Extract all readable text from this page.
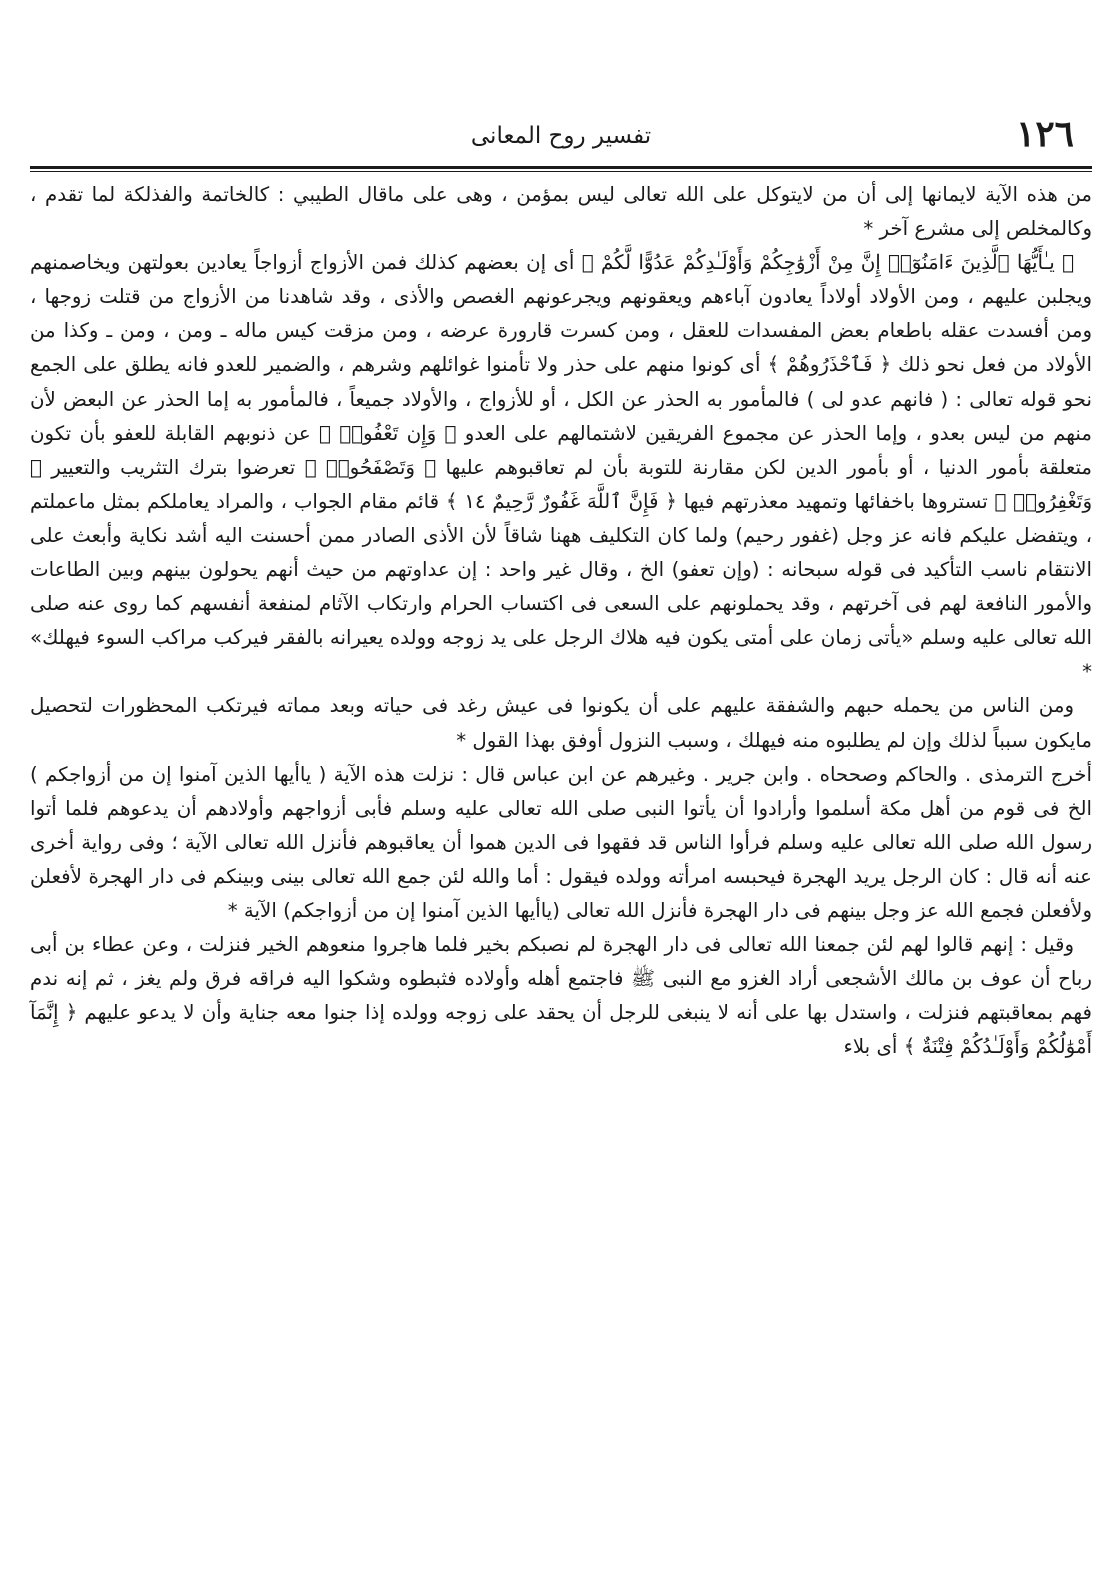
١٢٦
تفسير روح المعانى

من هذه الآية لايمانها إلى أن من لايتوكل على الله تعالى ليس بمؤمن ، وهى على ماقال الطيبي : كالخاتمة والفذلكة لما تقدم ، وكالمخلص إلى مشرع آخر *

﴿ يـٰأَيُّهَا ٱلَّذِينَ ءَامَنُوٓا۟ إِنَّ مِنْ أَزْوَٰجِكُمْ وَأَوْلَـٰدِكُمْ عَدُوًّا لَّكُمْ ﴾ أى إن بعضهم كذلك فمن الأزواج أزواجاً يعادين بعولتهن ويخاصمنهم ويجلبن عليهم ، ومن الأولاد أولاداً يعادون آباءهم ويعقونهم ويجرعونهم الغصص والأذى ، وقد شاهدنا من الأزواج من قتلت زوجها ، ومن أفسدت عقله باطعام بعض المفسدات للعقل ، ومن كسرت قارورة عرضه ، ومن مزقت كيس ماله ـ ومن ، ومن ـ وكذا من الأولاد من فعل نحو ذلك ﴿ فَٱحْذَرُوهُمْ ﴾ أى كونوا منهم على حذر ولا تأمنوا غوائلهم وشرهم ، والضمير للعدو فانه يطلق على الجمع نحو قوله تعالى : ( فانهم عدو لى ) فالمأمور به الحذر عن الكل ، أو للأزواج ، والأولاد جميعاً ، فالمأمور به إما الحذر عن البعض لأن منهم من ليس بعدو ، وإما الحذر عن مجموع الفريقين لاشتمالهم على العدو ﴿ وَإِن تَعْفُوا۟ ﴾ عن ذنوبهم القابلة للعفو بأن تكون متعلقة بأمور الدنيا ، أو بأمور الدين لكن مقارنة للتوبة بأن لم تعاقبوهم عليها ﴿ وَتَصْفَحُوا۟ ﴾ تعرضوا بترك التثريب والتعيير ﴿ وَتَغْفِرُوا۟ ﴾ تستروها باخفائها وتمهيد معذرتهم فيها ﴿ فَإِنَّ ٱللَّهَ غَفُورٌ رَّحِيمٌ ١٤ ﴾ قائم مقام الجواب ، والمراد يعاملكم بمثل ماعملتم ، ويتفضل عليكم فانه عز وجل (غفور رحيم) ولما كان التكليف ههنا شاقاً لأن الأذى الصادر ممن أحسنت اليه أشد نكاية وأبعث على الانتقام ناسب التأكيد فى قوله سبحانه : (وإن تعفو) الخ ، وقال غير واحد : إن عداوتهم من حيث أنهم يحولون بينهم وبين الطاعات والأمور النافعة لهم فى آخرتهم ، وقد يحملونهم على السعى فى اكتساب الحرام وارتكاب الآثام لمنفعة أنفسهم كما روى عنه صلى الله تعالى عليه وسلم «يأتى زمان على أمتى يكون فيه هلاك الرجل على يد زوجه وولده يعيرانه بالفقر فيركب مراكب السوء فيهلك» *

ومن الناس من يحمله حبهم والشفقة عليهم على أن يكونوا فى عيش رغد فى حياته وبعد مماته فيرتكب المحظورات لتحصيل مايكون سبباً لذلك وإن لم يطلبوه منه فيهلك ، وسبب النزول أوفق بهذا القول *

أخرج الترمذى . والحاكم وصححاه . وابن جرير . وغيرهم عن ابن عباس قال : نزلت هذه الآية ( ياأيها الذين آمنوا إن من أزواجكم ) الخ فى قوم من أهل مكة أسلموا وأرادوا أن يأتوا النبى صلى الله تعالى عليه وسلم فأبى أزواجهم وأولادهم أن يدعوهم فلما أتوا رسول الله صلى الله تعالى عليه وسلم فرأوا الناس قد فقهوا فى الدين هموا أن يعاقبوهم فأنزل الله تعالى الآية ؛ وفى رواية أخرى عنه أنه قال : كان الرجل يريد الهجرة فيحبسه امرأته وولده فيقول : أما والله لئن جمع الله تعالى بينى وبينكم فى دار الهجرة لأفعلن ولأفعلن فجمع الله عز وجل بينهم فى دار الهجرة فأنزل الله تعالى (ياأيها الذين آمنوا إن من أزواجكم) الآية *

وقيل : إنهم قالوا لهم لئن جمعنا الله تعالى فى دار الهجرة لم نصبكم بخير فلما هاجروا منعوهم الخير فنزلت ، وعن عطاء بن أبى رباح أن عوف بن مالك الأشجعى أراد الغزو مع النبى ﷺ فاجتمع أهله وأولاده فثبطوه وشكوا اليه فراقه فرق ولم يغز ، ثم إنه ندم فهم بمعاقبتهم فنزلت ، واستدل بها على أنه لا ينبغى للرجل أن يحقد على زوجه وولده إذا جنوا معه جناية وأن لا يدعو عليهم ﴿ إِنَّمَآ أَمْوَٰلُكُمْ وَأَوْلَـٰدُكُمْ فِتْنَةٌ ﴾ أى بلاء
